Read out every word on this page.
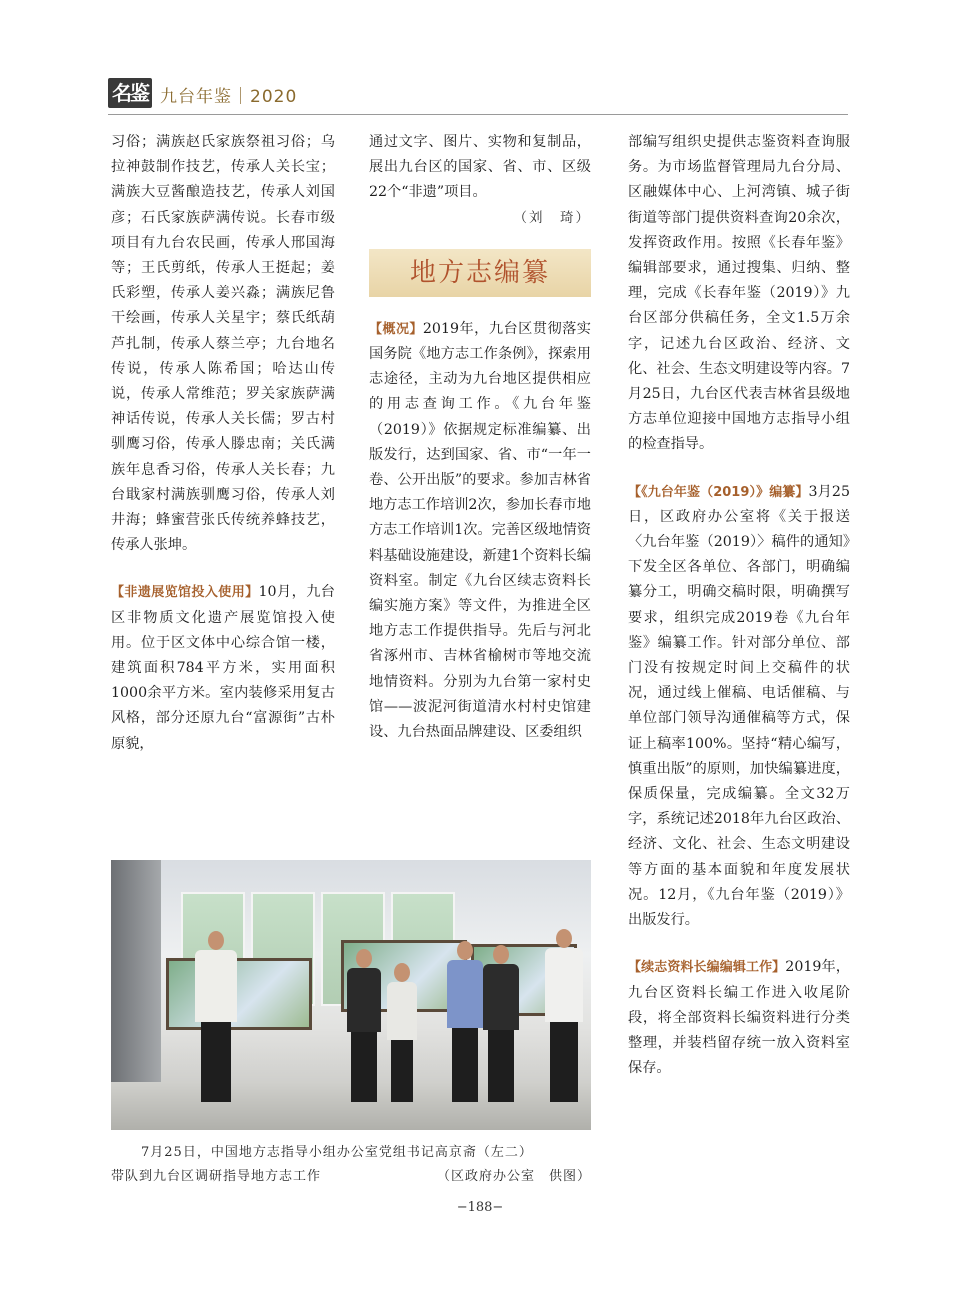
名鉴 九台年鉴｜2020

习俗；满族赵氏家族祭祖习俗；乌拉神鼓制作技艺，传承人关长宝；满族大豆酱酿造技艺，传承人刘国彦；石氏家族萨满传说。长春市级项目有九台农民画，传承人邢国海等；王氏剪纸，传承人王挺起；姜氏彩塑，传承人姜兴淼；满族尼鲁干绘画，传承人关星宇；蔡氏纸葫芦扎制，传承人蔡兰亭；九台地名传说，传承人陈希国；哈达山传说，传承人常维范；罗关家族萨满神话传说，传承人关长儒；罗古村驯鹰习俗，传承人滕忠南；关氏满族年息香习俗，传承人关长春；九台戢家村满族驯鹰习俗，传承人刘井海；蜂蜜营张氏传统养蜂技艺，传承人张坤。

【非遗展览馆投入使用】10月，九台区非物质文化遗产展览馆投入使用。位于区文体中心综合馆一楼，建筑面积784平方米，实用面积1000余平方米。室内装修采用复古风格，部分还原九台“富源街”古朴原貌，

通过文字、图片、实物和复制品，展出九台区的国家、省、市、区级22个“非遗”项目。

（刘　琦）

地方志编纂

【概况】2019年，九台区贯彻落实国务院《地方志工作条例》，探索用志途径，主动为九台地区提供相应的用志查询工作。《九台年鉴（2019）》依据规定标准编纂、出版发行，达到国家、省、市“一年一卷、公开出版”的要求。参加吉林省地方志工作培训2次，参加长春市地方志工作培训1次。完善区级地情资料基础设施建设，新建1个资料长编资料室。制定《九台区续志资料长编实施方案》等文件，为推进全区地方志工作提供指导。先后与河北省涿州市、吉林省榆树市等地交流地情资料。分别为九台第一家村史馆——波泥河街道清水村村史馆建设、九台热面品牌建设、区委组织

部编写组织史提供志鉴资料查询服务。为市场监督管理局九台分局、区融媒体中心、上河湾镇、城子街街道等部门提供资料查询20余次，发挥资政作用。按照《长春年鉴》编辑部要求，通过搜集、归纳、整理，完成《长春年鉴（2019）》九台区部分供稿任务，全文1.5万余字，记述九台区政治、经济、文化、社会、生态文明建设等内容。7月25日，九台区代表吉林省县级地方志单位迎接中国地方志指导小组的检查指导。

【《九台年鉴（2019）》编纂】3月25日，区政府办公室将《关于报送〈九台年鉴（2019）〉稿件的通知》下发全区各单位、各部门，明确编纂分工，明确交稿时限，明确撰写要求，组织完成2019卷《九台年鉴》编纂工作。针对部分单位、部门没有按规定时间上交稿件的状况，通过线上催稿、电话催稿、与单位部门领导沟通催稿等方式，保证上稿率100%。坚持“精心编写，慎重出版”的原则，加快编纂进度，保质保量，完成编纂。全文32万字，系统记述2018年九台区政治、经济、文化、社会、生态文明建设等方面的基本面貌和年度发展状况。12月，《九台年鉴（2019）》出版发行。

【续志资料长编编辑工作】2019年，九台区资料长编工作进入收尾阶段，将全部资料长编资料进行分类整理，并装档留存统一放入资料室保存。

7月25日，中国地方志指导小组办公室党组书记高京斋（左二）

带队到九台区调研指导地方志工作	（区政府办公室　供图）

−188−
